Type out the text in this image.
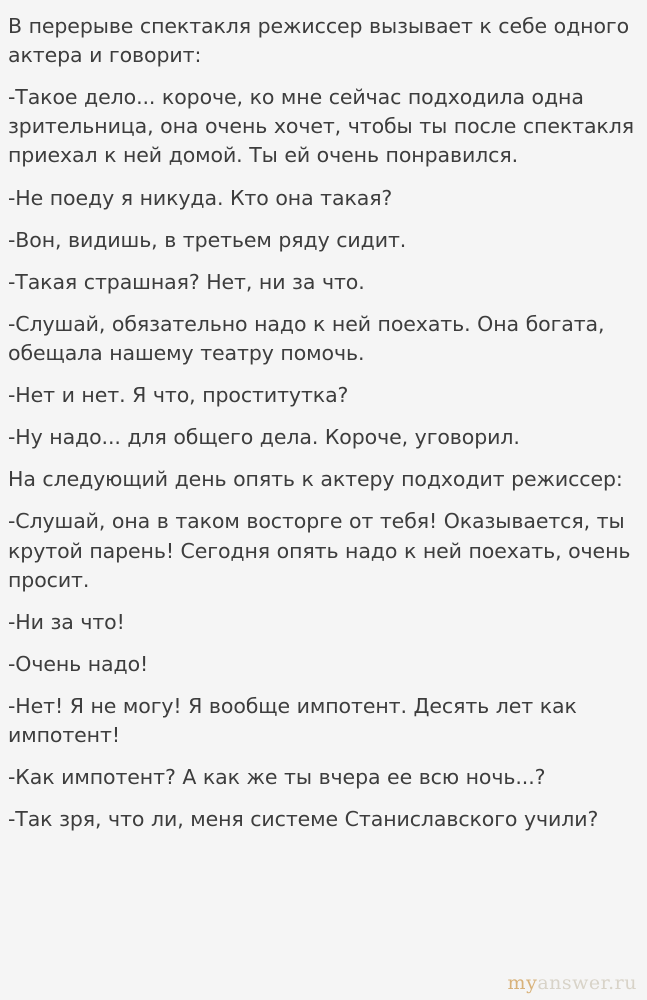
В перерыве спектакля режиссер вызывает к себе одного актера и говорит:

-Такое дело... короче, ко мне сейчас подходила одна зрительница, она очень хочет, чтобы ты после спектакля приехал к ней домой. Ты ей очень понравился.

-Не поеду я никуда. Кто она такая?

-Вон, видишь, в третьем ряду сидит.

-Такая страшная? Нет, ни за что.

-Слушай, обязательно надо к ней поехать. Она богата, обещала нашему театру помочь.

-Нет и нет. Я что, проститутка?

-Ну надо... для общего дела. Короче, уговорил.

На следующий день опять к актеру подходит режиссер:

-Слушай, она в таком восторге от тебя! Оказывается, ты крутой парень! Сегодня опять надо к ней поехать, очень просит.

-Ни за что!

-Очень надо!

-Нет! Я не могу! Я вообще импотент. Десять лет как импотент!

-Как импотент? А как же ты вчера ее всю ночь...?

-Так зря, что ли, меня системе Станиславского учили?

myanswer.ru
